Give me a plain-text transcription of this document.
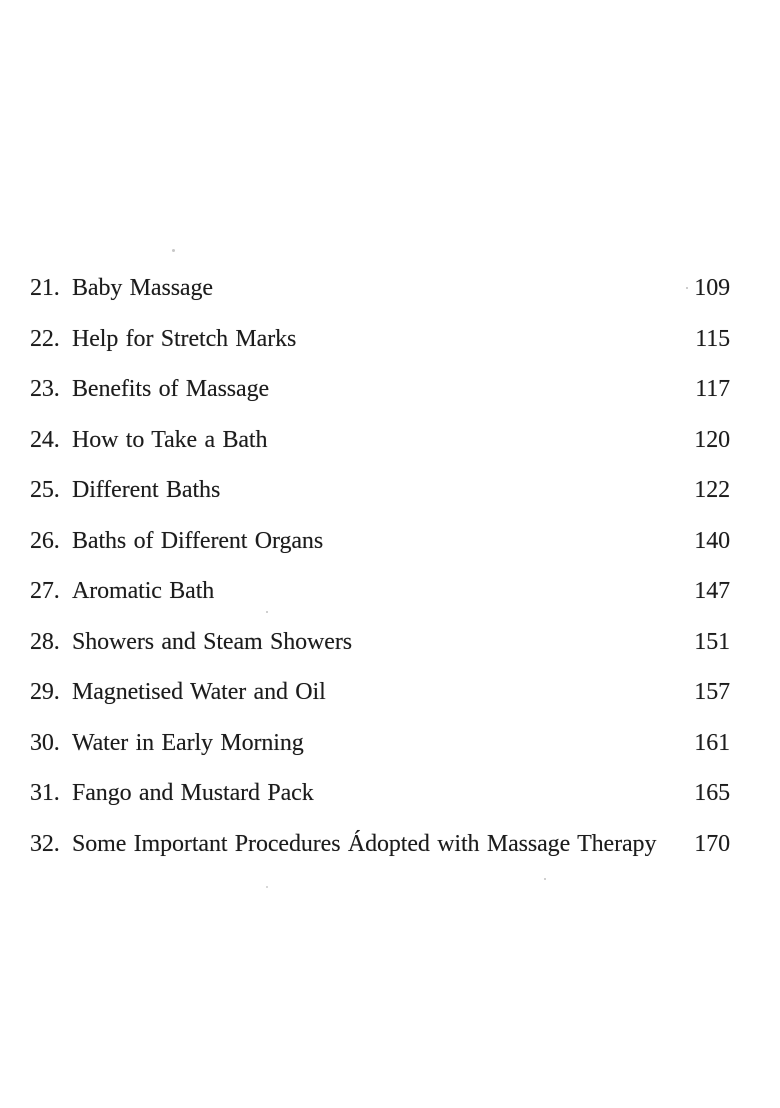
21. Baby Massage	109
22. Help for Stretch Marks	115
23. Benefits of Massage	117
24. How to Take a Bath	120
25. Different Baths	122
26. Baths of Different Organs	140
27. Aromatic Bath	147
28. Showers and Steam Showers	151
29. Magnetised Water and Oil	157
30. Water in Early Morning	161
31. Fango and Mustard Pack	165
32. Some Important Procedures Ádopted with Massage Therapy	170
